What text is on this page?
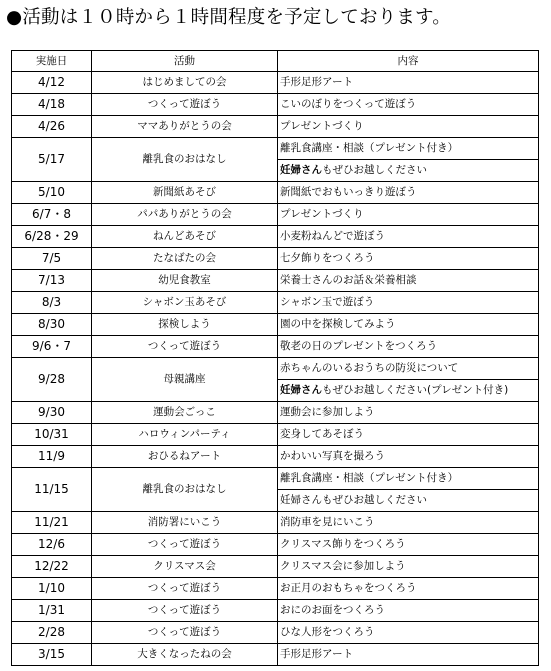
●活動は１０時から１時間程度を予定しております。
実施日	活動	内容
4/12	はじめましての会	手形足形アート
4/18	つくって遊ぼう	こいのぼりをつくって遊ぼう
4/26	ママありがとうの会	プレゼントづくり
5/17	離乳食のおはなし	離乳食講座・相談（プレゼント付き）
妊婦さんもぜひお越しください

5/10	新聞紙あそび	新聞紙でおもいっきり遊ぼう
6/7・8	パパありがとうの会	プレゼントづくり
6/28・29	ねんどあそび	小麦粉ねんどで遊ぼう
7/5	たなばたの会	七夕飾りをつくろう
7/13	幼児食教室	栄養士さんのお話＆栄養相談
8/3	シャボン玉あそび	シャボン玉で遊ぼう
8/30	探検しよう	園の中を探検してみよう
9/6・7	つくって遊ぼう	敬老の日のプレゼントをつくろう
9/28	母親講座	赤ちゃんのいるおうちの防災について
妊婦さんもぜひお越しください(プレゼント付き)

9/30	運動会ごっこ	運動会に参加しよう
10/31	ハロウィンパーティ	変身してあそぼう
11/9	おひるねアート	かわいい写真を撮ろう
11/15	離乳食のおはなし	離乳食講座・相談（プレゼント付き）
妊婦さんもぜひお越しください

11/21	消防署にいこう	消防車を見にいこう
12/6	つくって遊ぼう	クリスマス飾りをつくろう
12/22	クリスマス会	クリスマス会に参加しよう
1/10	つくって遊ぼう	お正月のおもちゃをつくろう
1/31	つくって遊ぼう	おにのお面をつくろう
2/28	つくって遊ぼう	ひな人形をつくろう
3/15	大きくなったねの会	手形足形アート
